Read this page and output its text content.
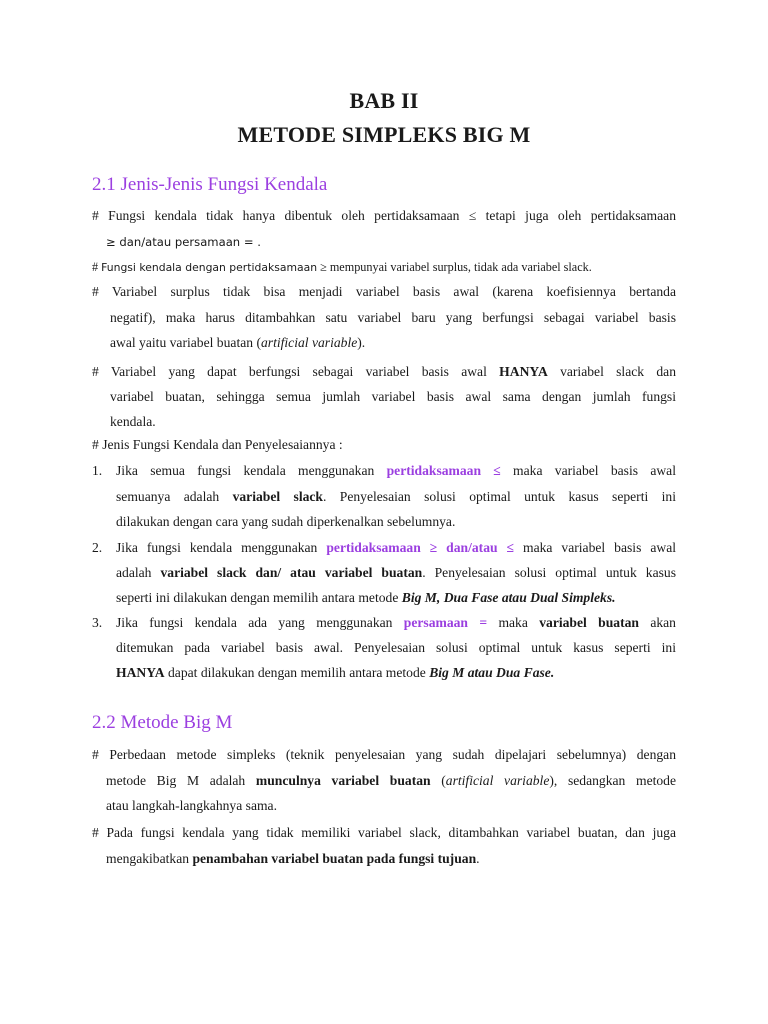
BAB II
METODE SIMPLEKS BIG M
2.1 Jenis-Jenis Fungsi Kendala
# Fungsi kendala tidak hanya dibentuk oleh pertidaksamaan ≤ tetapi juga oleh pertidaksamaan
≥ dan/atau persamaan = .
# Fungsi kendala dengan pertidaksamaan ≥ mempunyai variabel surplus, tidak ada variabel slack.
# Variabel surplus tidak bisa menjadi variabel basis awal (karena koefisiennya bertanda
negatif), maka harus ditambahkan satu variabel baru yang berfungsi sebagai variabel basis
awal yaitu variabel buatan (artificial variable).
# Variabel yang dapat berfungsi sebagai variabel basis awal HANYA variabel slack dan
variabel buatan, sehingga semua jumlah variabel basis awal sama dengan jumlah fungsi
kendala.
# Jenis Fungsi Kendala dan Penyelesaiannya :
1. Jika semua fungsi kendala menggunakan pertidaksamaan ≤ maka variabel basis awal
semuanya adalah variabel slack. Penyelesaian solusi optimal untuk kasus seperti ini
dilakukan dengan cara yang sudah diperkenalkan sebelumnya.
2. Jika fungsi kendala menggunakan pertidaksamaan ≥ dan/atau ≤ maka variabel basis awal
adalah variabel slack dan/ atau variabel buatan. Penyelesaian solusi optimal untuk kasus
seperti ini dilakukan dengan memilih antara metode Big M, Dua Fase atau Dual Simpleks.
3. Jika fungsi kendala ada yang menggunakan persamaan = maka variabel buatan akan
ditemukan pada variabel basis awal. Penyelesaian solusi optimal untuk kasus seperti ini
HANYA dapat dilakukan dengan memilih antara metode Big M atau Dua Fase.
2.2 Metode Big M
# Perbedaan metode simpleks (teknik penyelesaian yang sudah dipelajari sebelumnya) dengan
metode Big M adalah munculnya variabel buatan (artificial variable), sedangkan metode
atau langkah-langkahnya sama.
# Pada fungsi kendala yang tidak memiliki variabel slack, ditambahkan variabel buatan, dan juga
mengakibatkan penambahan variabel buatan pada fungsi tujuan.
